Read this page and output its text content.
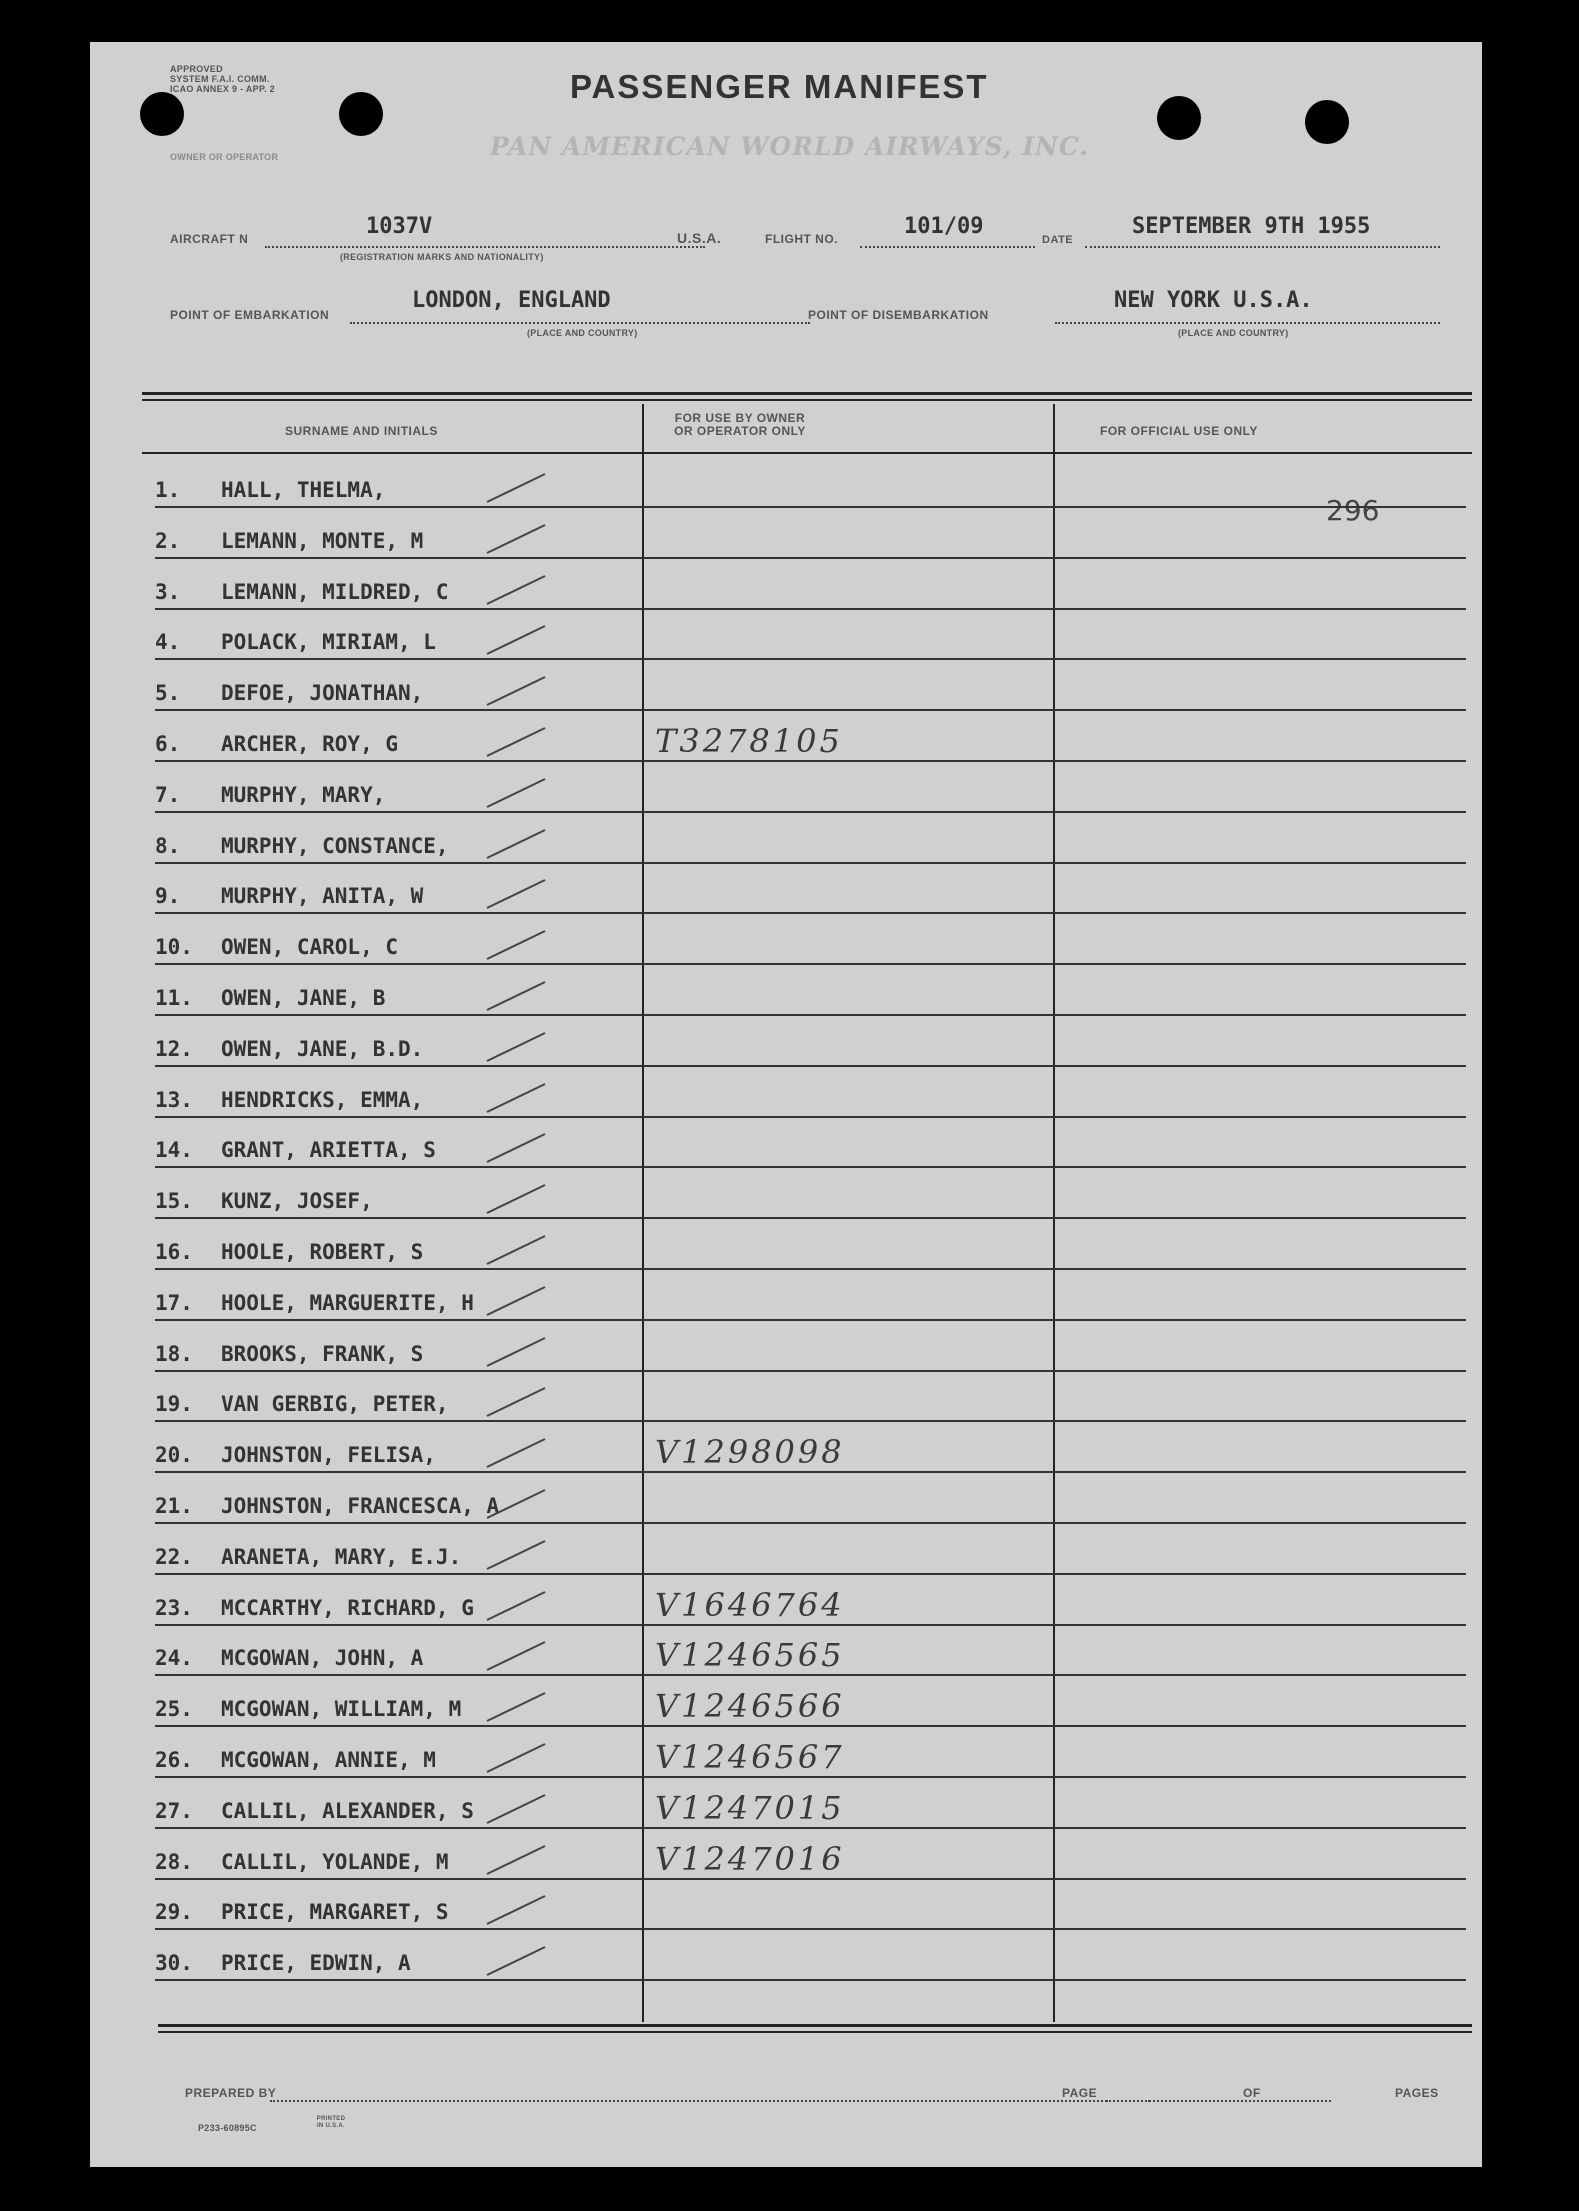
APPROVED
SYSTEM F.A.I. COMM.
ICAO ANNEX 9 - APP. 2
OWNER OR OPERATOR
PASSENGER MANIFEST
PAN AMERICAN WORLD AIRWAYS, INC.
AIRCRAFT N	1037V
(REGISTRATION MARKS AND NATIONALITY)
U.S.A.	FLIGHT NO.	101/09
DATE
SEPTEMBER 9TH 1955
POINT OF EMBARKATION
LONDON, ENGLAND
(PLACE AND COUNTRY)
POINT OF DISEMBARKATION
NEW YORK U.S.A.
(PLACE AND COUNTRY)
SURNAME AND INITIALS
FOR USE BY OWNER
OR OPERATOR ONLY	FOR OFFICIAL USE ONLY
296
1.	HALL, THELMA,
2.	LEMANN, MONTE, M
3.	LEMANN, MILDRED, C
4.	POLACK, MIRIAM, L
5.	DEFOE, JONATHAN,
6.	ARCHER, ROY, G	T3278105
7.	MURPHY, MARY,
8.	MURPHY, CONSTANCE,
9.	MURPHY, ANITA, W
10.	OWEN, CAROL, C
11.	OWEN, JANE, B
12.	OWEN, JANE, B.D.
13.	HENDRICKS, EMMA,
14.	GRANT, ARIETTA, S
15.	KUNZ, JOSEF,
16.	HOOLE, ROBERT, S
17.	HOOLE, MARGUERITE, H
18.	BROOKS, FRANK, S
19.	VAN GERBIG, PETER,
20.	JOHNSTON, FELISA,	V1298098
21.	JOHNSTON, FRANCESCA, A
22.	ARANETA, MARY, E.J.
23.	MCCARTHY, RICHARD, G	V1646764
24.	MCGOWAN, JOHN, A	V1246565
25.	MCGOWAN, WILLIAM, M	V1246566
26.	MCGOWAN, ANNIE, M	V1246567
27.	CALLIL, ALEXANDER, S	V1247015
28.	CALLIL, YOLANDE, M	V1247016
29.	PRICE, MARGARET, S
30.	PRICE, EDWIN, A
PREPARED BY	PAGE	OF	PAGES
P233-60895C
PRINTED IN U.S.A.
